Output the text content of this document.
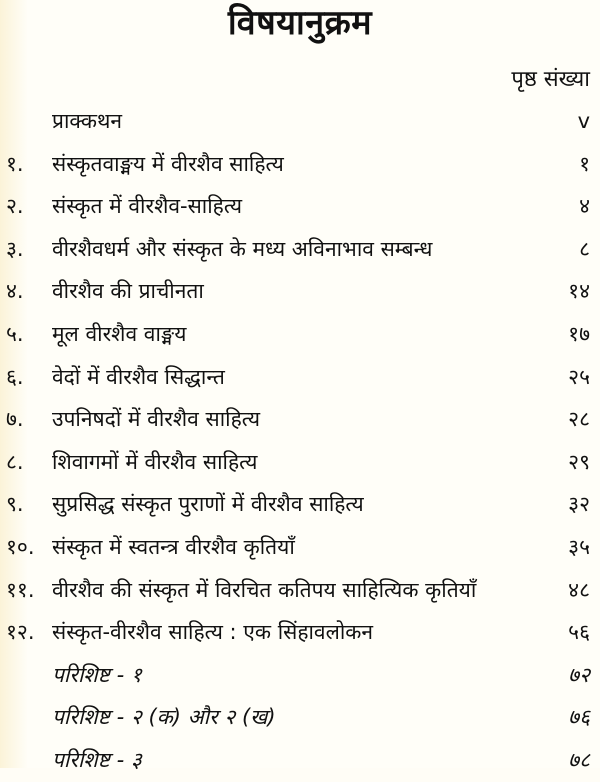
विषयानुक्रम
पृष्ठ संख्या
प्राक्कथन	v
१. संस्कृतवाङ्मय में वीरशैव साहित्य	१
२. संस्कृत में वीरशैव-साहित्य	४
३. वीरशैवधर्म और संस्कृत के मध्य अविनाभाव सम्बन्ध	८
४. वीरशैव की प्राचीनता	१४
५. मूल वीरशैव वाङ्मय	१७
६. वेदों में वीरशैव सिद्धान्त	२५
७. उपनिषदों में वीरशैव साहित्य	२८
८. शिवागमों में वीरशैव साहित्य	२९
९. सुप्रसिद्ध संस्कृत पुराणों में वीरशैव साहित्य	३२
१०. संस्कृत में स्वतन्त्र वीरशैव कृतियाँ	३५
११. वीरशैव की संस्कृत में विरचित कतिपय साहित्यिक कृतियाँ	४८
१२. संस्कृत-वीरशैव साहित्य : एक सिंहावलोकन	५६
परिशिष्ट - १	७२
परिशिष्ट - २ (क) और २ (ख)	७६
परिशिष्ट - ३	७८
